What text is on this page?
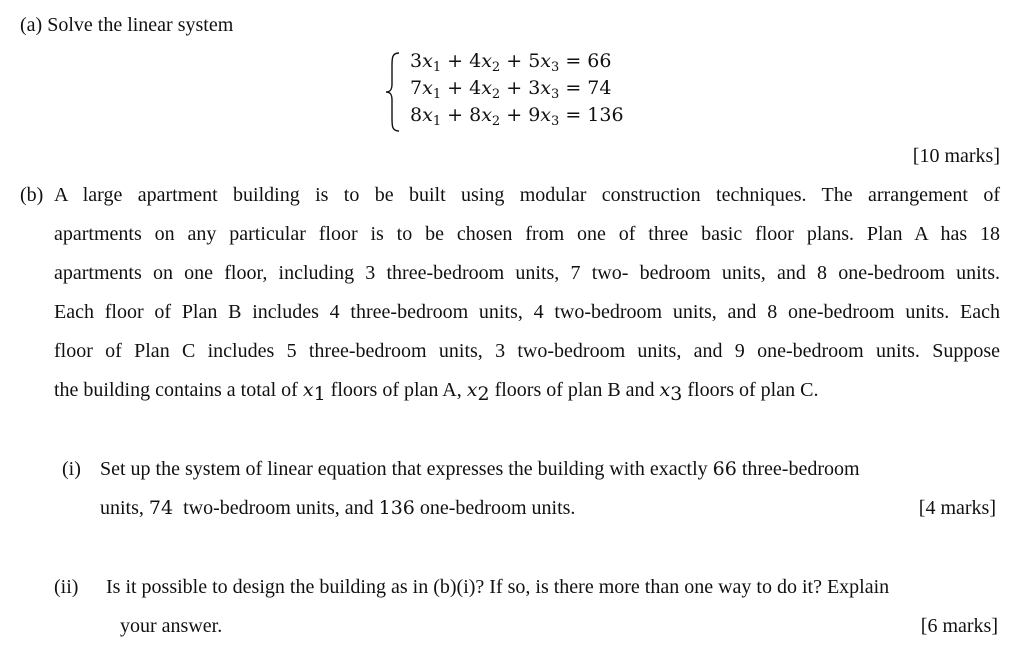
(a) Solve the linear system
$3x_1 + 4x_2 + 5x_3 = 66$
$7x_1 + 4x_2 + 3x_3 = 74$
$8x_1 + 8x_2 + 9x_3 = 136$
[10 marks]
(b) A large apartment building is to be built using modular construction techniques. The arrangement of
apartments on any particular floor is to be chosen from one of three basic floor plans. Plan A has 18
apartments on one floor, including 3 three-bedroom units, 7 two- bedroom units, and 8 one-bedroom units.
Each floor of Plan B includes 4 three-bedroom units, 4 two-bedroom units, and 8 one-bedroom units. Each
floor of Plan C includes 5 three-bedroom units, 3 two-bedroom units, and 9 one-bedroom units. Suppose
the building contains a total of $x_1$ floors of plan A, $x_2$ floors of plan B and $x_3$ floors of plan C.
(i) Set up the system of linear equation that expresses the building with exactly 66 three-bedroom
units, 74  two-bedroom units, and 136 one-bedroom units.	[4 marks]
(ii) Is it possible to design the building as in (b)(i)? If so, is there more than one way to do it? Explain
your answer.	[6 marks]
